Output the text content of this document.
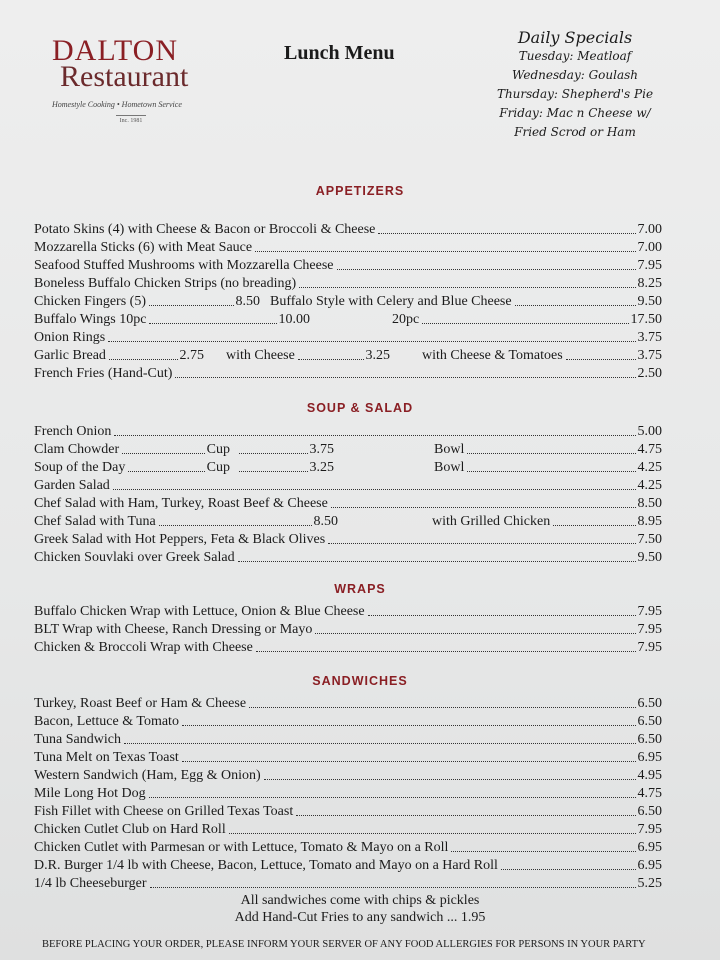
DALTON
Restaurant
Homestyle Cooking • Hometown Service
Inc. 1981
Lunch Menu
Daily Specials
Tuesday: Meatloaf
Wednesday: Goulash
Thursday: Shepherd's Pie
Friday: Mac n Cheese w/
Fried Scrod or Ham
APPETIZERS
Potato Skins (4) with Cheese & Bacon or Broccoli & Cheese	7.00
Mozzarella Sticks (6) with Meat Sauce	7.00
Seafood Stuffed Mushrooms with Mozzarella Cheese	7.95
Boneless Buffalo Chicken Strips (no breading)	8.25
Chicken Fingers (5)	8.50 Buffalo Style with Celery and Blue Cheese	9.50
Buffalo Wings 10pc	10.00	20pc	17.50
Onion Rings	3.75
Garlic Bread	2.75 with Cheese	3.25 with Cheese & Tomatoes	3.75
French Fries (Hand-Cut)	2.50
SOUP & SALAD
French Onion	5.00
Clam Chowder	Cup	3.75	Bowl	4.75
Soup of the Day	Cup	3.25	Bowl	4.25
Garden Salad	4.25
Chef Salad with Ham, Turkey, Roast Beef & Cheese	8.50
Chef Salad with Tuna	8.50	with Grilled Chicken	8.95
Greek Salad with Hot Peppers, Feta & Black Olives	7.50
Chicken Souvlaki over Greek Salad	9.50
WRAPS
Buffalo Chicken Wrap with Lettuce, Onion & Blue Cheese	7.95
BLT Wrap with Cheese, Ranch Dressing or Mayo	7.95
Chicken & Broccoli Wrap with Cheese	7.95
SANDWICHES
Turkey, Roast Beef or Ham & Cheese	6.50
Bacon, Lettuce & Tomato	6.50
Tuna Sandwich	6.50
Tuna Melt on Texas Toast	6.95
Western Sandwich (Ham, Egg & Onion)	4.95
Mile Long Hot Dog	4.75
Fish Fillet with Cheese on Grilled Texas Toast	6.50
Chicken Cutlet Club on Hard Roll	7.95
Chicken Cutlet with Parmesan or with Lettuce, Tomato & Mayo on a Roll	6.95
D.R. Burger 1/4 lb with Cheese, Bacon, Lettuce, Tomato and Mayo on a Hard Roll	6.95
1/4 lb Cheeseburger	5.25
All sandwiches come with chips & pickles
Add Hand-Cut Fries to any sandwich ... 1.95
BEFORE PLACING YOUR ORDER, PLEASE INFORM YOUR SERVER OF ANY FOOD ALLERGIES FOR PERSONS IN YOUR PARTY
